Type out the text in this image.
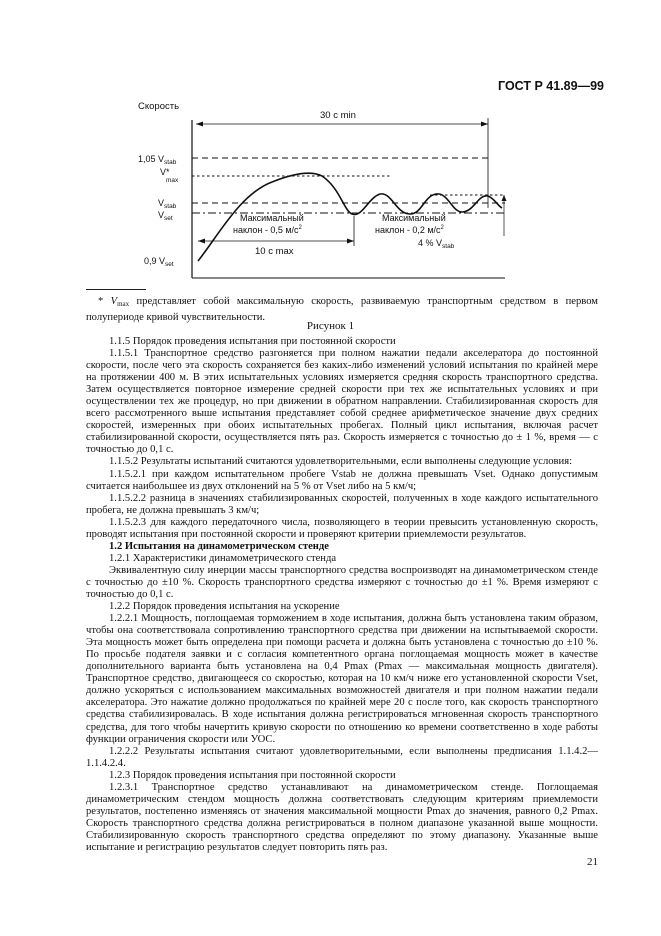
ГОСТ Р 41.89—99
Скорость
30 с min
1,05 $V_{stab}$
V*
max
$V_{stab}$
$V_{set}$
0,9 $V_{set}$
10 с max
Максимальный
наклон - 0,5 $м/с^2$
Максимальный
наклон - 0,2 $м/с^2$
4 % $V_{stab}$
* $V_{max}$ представляет собой максимальную скорость, развиваемую транспортным средством в первом полупериоде кривой чувствительности.
Рисунок 1

1.1.5 Порядок проведения испытания при постоянной скорости

1.1.5.1 Транспортное средство разгоняется при полном нажатии педали акселератора до постоянной скорости, после чего эта скорость сохраняется без каких-либо изменений условий испытания по крайней мере на протяжении 400 м. В этих испытательных условиях измеряется средняя скорость транспортного средства. Затем осуществляется повторное измерение средней скорости при тех же испытательных условиях и при осуществлении тех же процедур, но при движении в обратном направлении. Стабилизированная скорость для всего рассмотренного выше испытания представляет собой среднее арифметическое значение двух средних скоростей, измеренных при обоих испытательных пробегах. Полный цикл испытания, включая расчет стабилизированной скорости, осуществляется пять раз. Скорость измеряется с точностью до ± 1 %, время — с точностью до 0,1 с.

1.1.5.2 Результаты испытаний считаются удовлетворительными, если выполнены следующие условия:

1.1.5.2.1 при каждом испытательном пробеге Vstab не должна превышать Vset. Однако допустимым считается наибольшее из двух отклонений на 5 % от Vset либо на 5 км/ч;

1.1.5.2.2 разница в значениях стабилизированных скоростей, полученных в ходе каждого испытательного пробега, не должна превышать 3 км/ч;

1.1.5.2.3 для каждого передаточного числа, позволяющего в теории превысить установленную скорость, проводят испытания при постоянной скорости и проверяют критерии приемлемости результатов.

1.2 Испытания на динамометрическом стенде

1.2.1 Характеристики динамометрического стенда

Эквивалентную силу инерции массы транспортного средства воспроизводят на динамометрическом стенде с точностью до ±10 %. Скорость транспортного средства измеряют с точностью до ±1 %. Время измеряют с точностью до 0,1 с.

1.2.2 Порядок проведения испытания на ускорение

1.2.2.1 Мощность, поглощаемая торможением в ходе испытания, должна быть установлена таким образом, чтобы она соответствовала сопротивлению транспортного средства при движении на испытываемой скорости. Эта мощность может быть определена при помощи расчета и должна быть установлена с точностью до ±10 %. По просьбе подателя заявки и с согласия компетентного органа поглощаемая мощность может в качестве дополнительного варианта быть установлена на 0,4 Pmax (Pmax — максимальная мощность двигателя). Транспортное средство, двигающееся со скоростью, которая на 10 км/ч ниже его установленной скорости Vset, должно ускоряться с использованием максимальных возможностей двигателя и при полном нажатии педали акселератора. Это нажатие должно продолжаться по крайней мере 20 с после того, как скорость транспортного средства стабилизировалась. В ходе испытания должна регистрироваться мгновенная скорость транспортного средства, для того чтобы начертить кривую скорости по отношению ко времени соответственно в ходе работы функции ограничения скорости или УОС.

1.2.2.2 Результаты испытания считают удовлетворительными, если выполнены предписания 1.1.4.2—1.1.4.2.4.

1.2.3 Порядок проведения испытания при постоянной скорости

1.2.3.1 Транспортное средство устанавливают на динамометрическом стенде. Поглощаемая динамометрическим стендом мощность должна соответствовать следующим критериям приемлемости результатов, постепенно изменяясь от значения максимальной мощности Pmax до значения, равного 0,2 Pmax. Скорость транспортного средства должна регистрироваться в полном диапазоне указанной выше мощности. Стабилизированную скорость транспортного средства определяют по этому диапазону. Указанные выше испытание и регистрацию результатов следует повторить пять раз.

21
